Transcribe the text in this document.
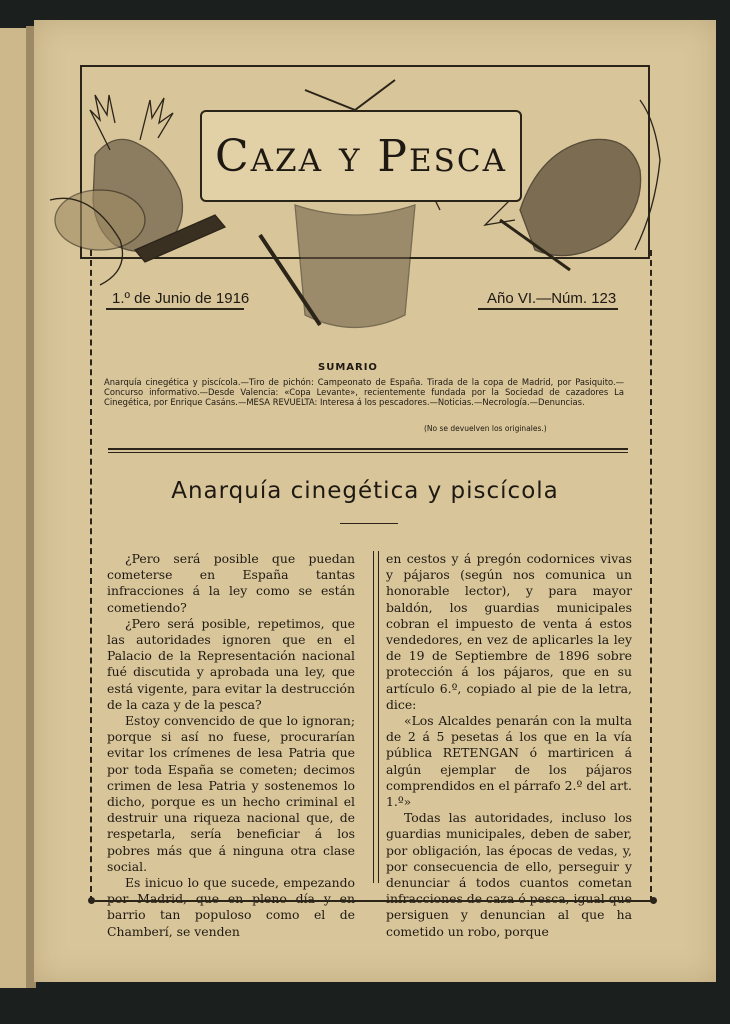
Caza y Pesca
1.º de Junio de 1916	Año VI.—Núm. 123
SUMARIO
Anarquía cinegética y piscícola.—Tiro de pichón: Campeonato de España. Tirada de la copa de Madrid, por Pasiquito.—Concurso informativo.—Desde Valencia: «Copa Levante», recientemente fundada por la Sociedad de cazadores La Cinegética, por Enrique Casáns.—MESA REVUELTA: Interesa á los pescadores.—Noticias.—Necrología.—Denuncias.
(No se devuelven los originales.)
Anarquía cinegética y piscícola

¿Pero será posible que puedan cometerse en España tantas infracciones á la ley como se están cometiendo?

¿Pero será posible, repetimos, que las autoridades ignoren que en el Palacio de la Representación nacional fué discutida y aprobada una ley, que está vigente, para evitar la destrucción de la caza y de la pesca?

Estoy convencido de que lo ignoran; porque si así no fuese, procurarían evitar los crímenes de lesa Patria que por toda España se cometen; decimos crimen de lesa Patria y sostenemos lo dicho, porque es un hecho criminal el destruir una riqueza nacional que, de respetarla, sería beneficiar á los pobres más que á ninguna otra clase social.

Es inicuo lo que sucede, empezando por Madrid, que en pleno día y en barrio tan populoso como el de Chamberí, se venden

en cestos y á pregón codornices vivas y pájaros (según nos comunica un honorable lector), y para mayor baldón, los guardias municipales cobran el impuesto de venta á estos vendedores, en vez de aplicarles la ley de 19 de Septiembre de 1896 sobre protección á los pájaros, que en su artículo 6.º, copiado al pie de la letra, dice:

«Los Alcaldes penarán con la multa de 2 á 5 pesetas á los que en la vía pública RETENGAN ó martiricen á algún ejemplar de los pájaros comprendidos en el párrafo 2.º del art. 1.º»

Todas las autoridades, incluso los guardias municipales, deben de saber, por obligación, las épocas de vedas, y, por consecuencia de ello, perseguir y denunciar á todos cuantos cometan infracciones de caza ó pesca, igual que persiguen y denuncian al que ha cometido un robo, porque
